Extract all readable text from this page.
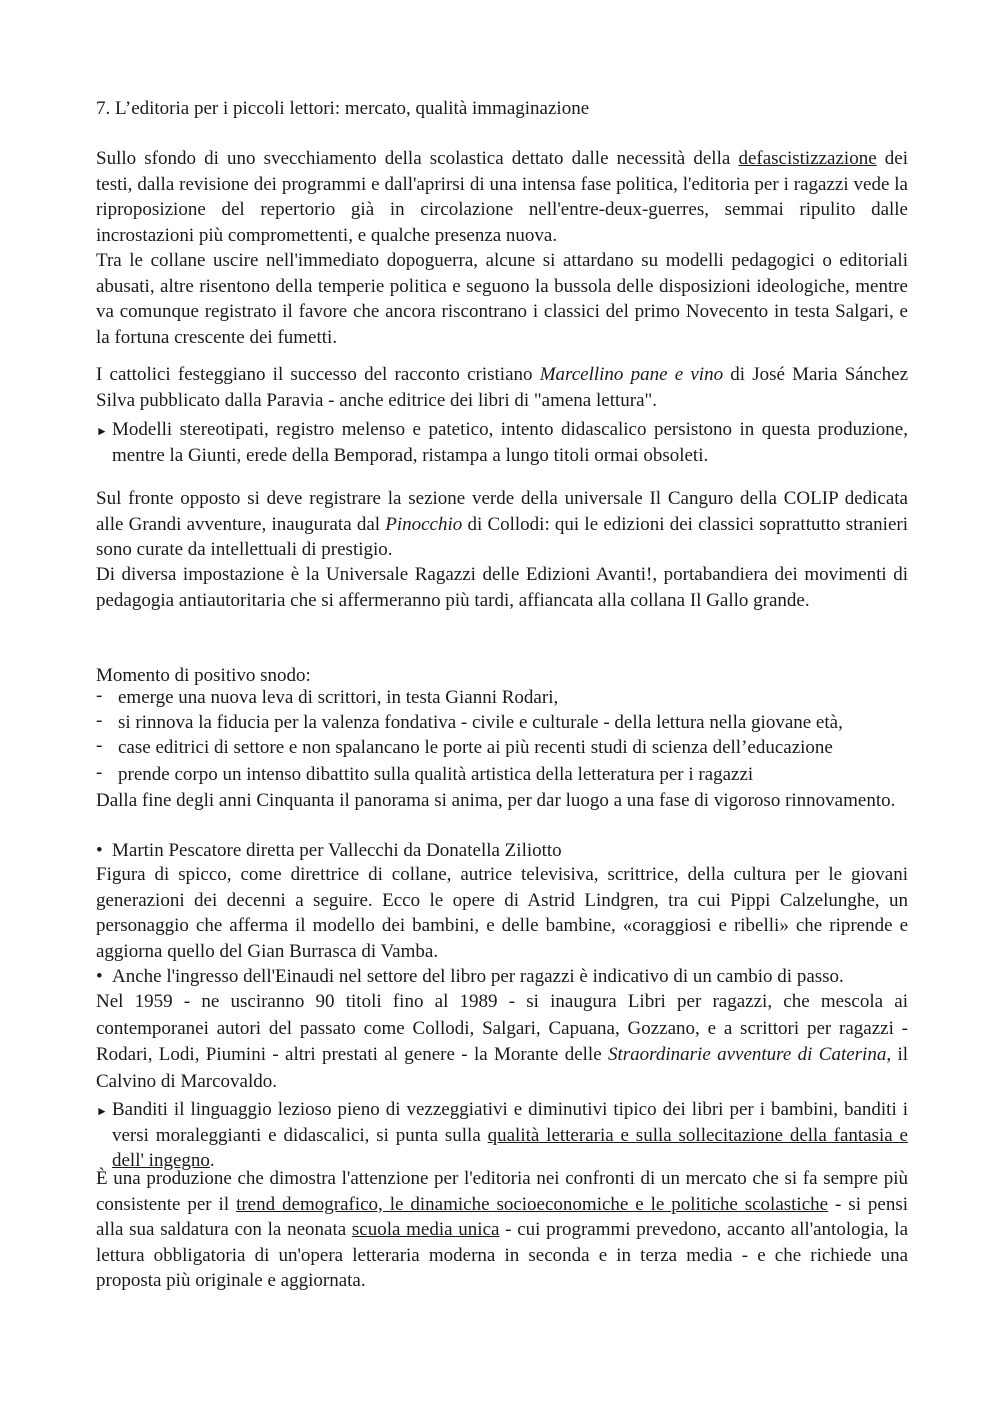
7. L’editoria per i piccoli lettori: mercato, qualità immaginazione
Sullo sfondo di uno svecchiamento della scolastica dettato dalle necessità della defascistizzazione dei testi, dalla revisione dei programmi e dall'aprirsi di una intensa fase politica, l'editoria per i ragazzi vede la riproposizione del repertorio già in circolazione nell'entre-deux-guerres, semmai ripulito dalle incrostazioni più compromettenti, e qualche presenza nuova.
Tra le collane uscire nell'immediato dopoguerra, alcune si attardano su modelli pedagogici o editoriali abusati, altre risentono della temperie politica e seguono la bussola delle disposizioni ideologiche, mentre va comunque registrato il favore che ancora riscontrano i classici del primo Novecento in testa Salgari, e la fortuna crescente dei fumetti.
I cattolici festeggiano il successo del racconto cristiano Marcellino pane e vino di José Maria Sánchez Silva pubblicato dalla Paravia - anche editrice dei libri di "amena lettura".
► Modelli stereotipati, registro melenso e patetico, intento didascalico persistono in questa produzione, mentre la Giunti, erede della Bemporad, ristampa a lungo titoli ormai obsoleti.
Sul fronte opposto si deve registrare la sezione verde della universale Il Canguro della COLIP dedicata alle Grandi avventure, inaugurata dal Pinocchio di Collodi: qui le edizioni dei classici soprattutto stranieri sono curate da intellettuali di prestigio.
Di diversa impostazione è la Universale Ragazzi delle Edizioni Avanti!, portabandiera dei movimenti di pedagogia antiautoritaria che si affermeranno più tardi, affiancata alla collana Il Gallo grande.
Momento di positivo snodo:
- emerge una nuova leva di scrittori, in testa Gianni Rodari,
- si rinnova la fiducia per la valenza fondativa - civile e culturale - della lettura nella giovane età,
- case editrici di settore e non spalancano le porte ai più recenti studi di scienza dell’educazione
- prende corpo un intenso dibattito sulla qualità artistica della letteratura per i ragazzi
Dalla fine degli anni Cinquanta il panorama si anima, per dar luogo a una fase di vigoroso rinnovamento.
• Martin Pescatore diretta per Vallecchi da Donatella Ziliotto
Figura di spicco, come direttrice di collane, autrice televisiva, scrittrice, della cultura per le giovani generazioni dei decenni a seguire. Ecco le opere di Astrid Lindgren, tra cui Pippi Calzelunghe, un personaggio che afferma il modello dei bambini, e delle bambine, «coraggiosi e ribelli» che riprende e aggiorna quello del Gian Burrasca di Vamba.
• Anche l'ingresso dell'Einaudi nel settore del libro per ragazzi è indicativo di un cambio di passo.
Nel 1959 - ne usciranno 90 titoli fino al 1989 - si inaugura Libri per ragazzi, che mescola ai contemporanei autori del passato come Collodi, Salgari, Capuana, Gozzano, e a scrittori per ragazzi - Rodari, Lodi, Piumini - altri prestati al genere - la Morante delle Straordinarie avventure di Caterina, il Calvino di Marcovaldo.
► Banditi il linguaggio lezioso pieno di vezzeggiativi e diminutivi tipico dei libri per i bambini, banditi i versi moraleggianti e didascalici, si punta sulla qualità letteraria e sulla sollecitazione della fantasia e dell' ingegno.
È una produzione che dimostra l'attenzione per l'editoria nei confronti di un mercato che si fa sempre più consistente per il trend demografico, le dinamiche socioeconomiche e le politiche scolastiche - si pensi alla sua saldatura con la neonata scuola media unica - cui programmi prevedono, accanto all'antologia, la lettura obbligatoria di un'opera letteraria moderna in seconda e in terza media - e che richiede una proposta più originale e aggiornata.
